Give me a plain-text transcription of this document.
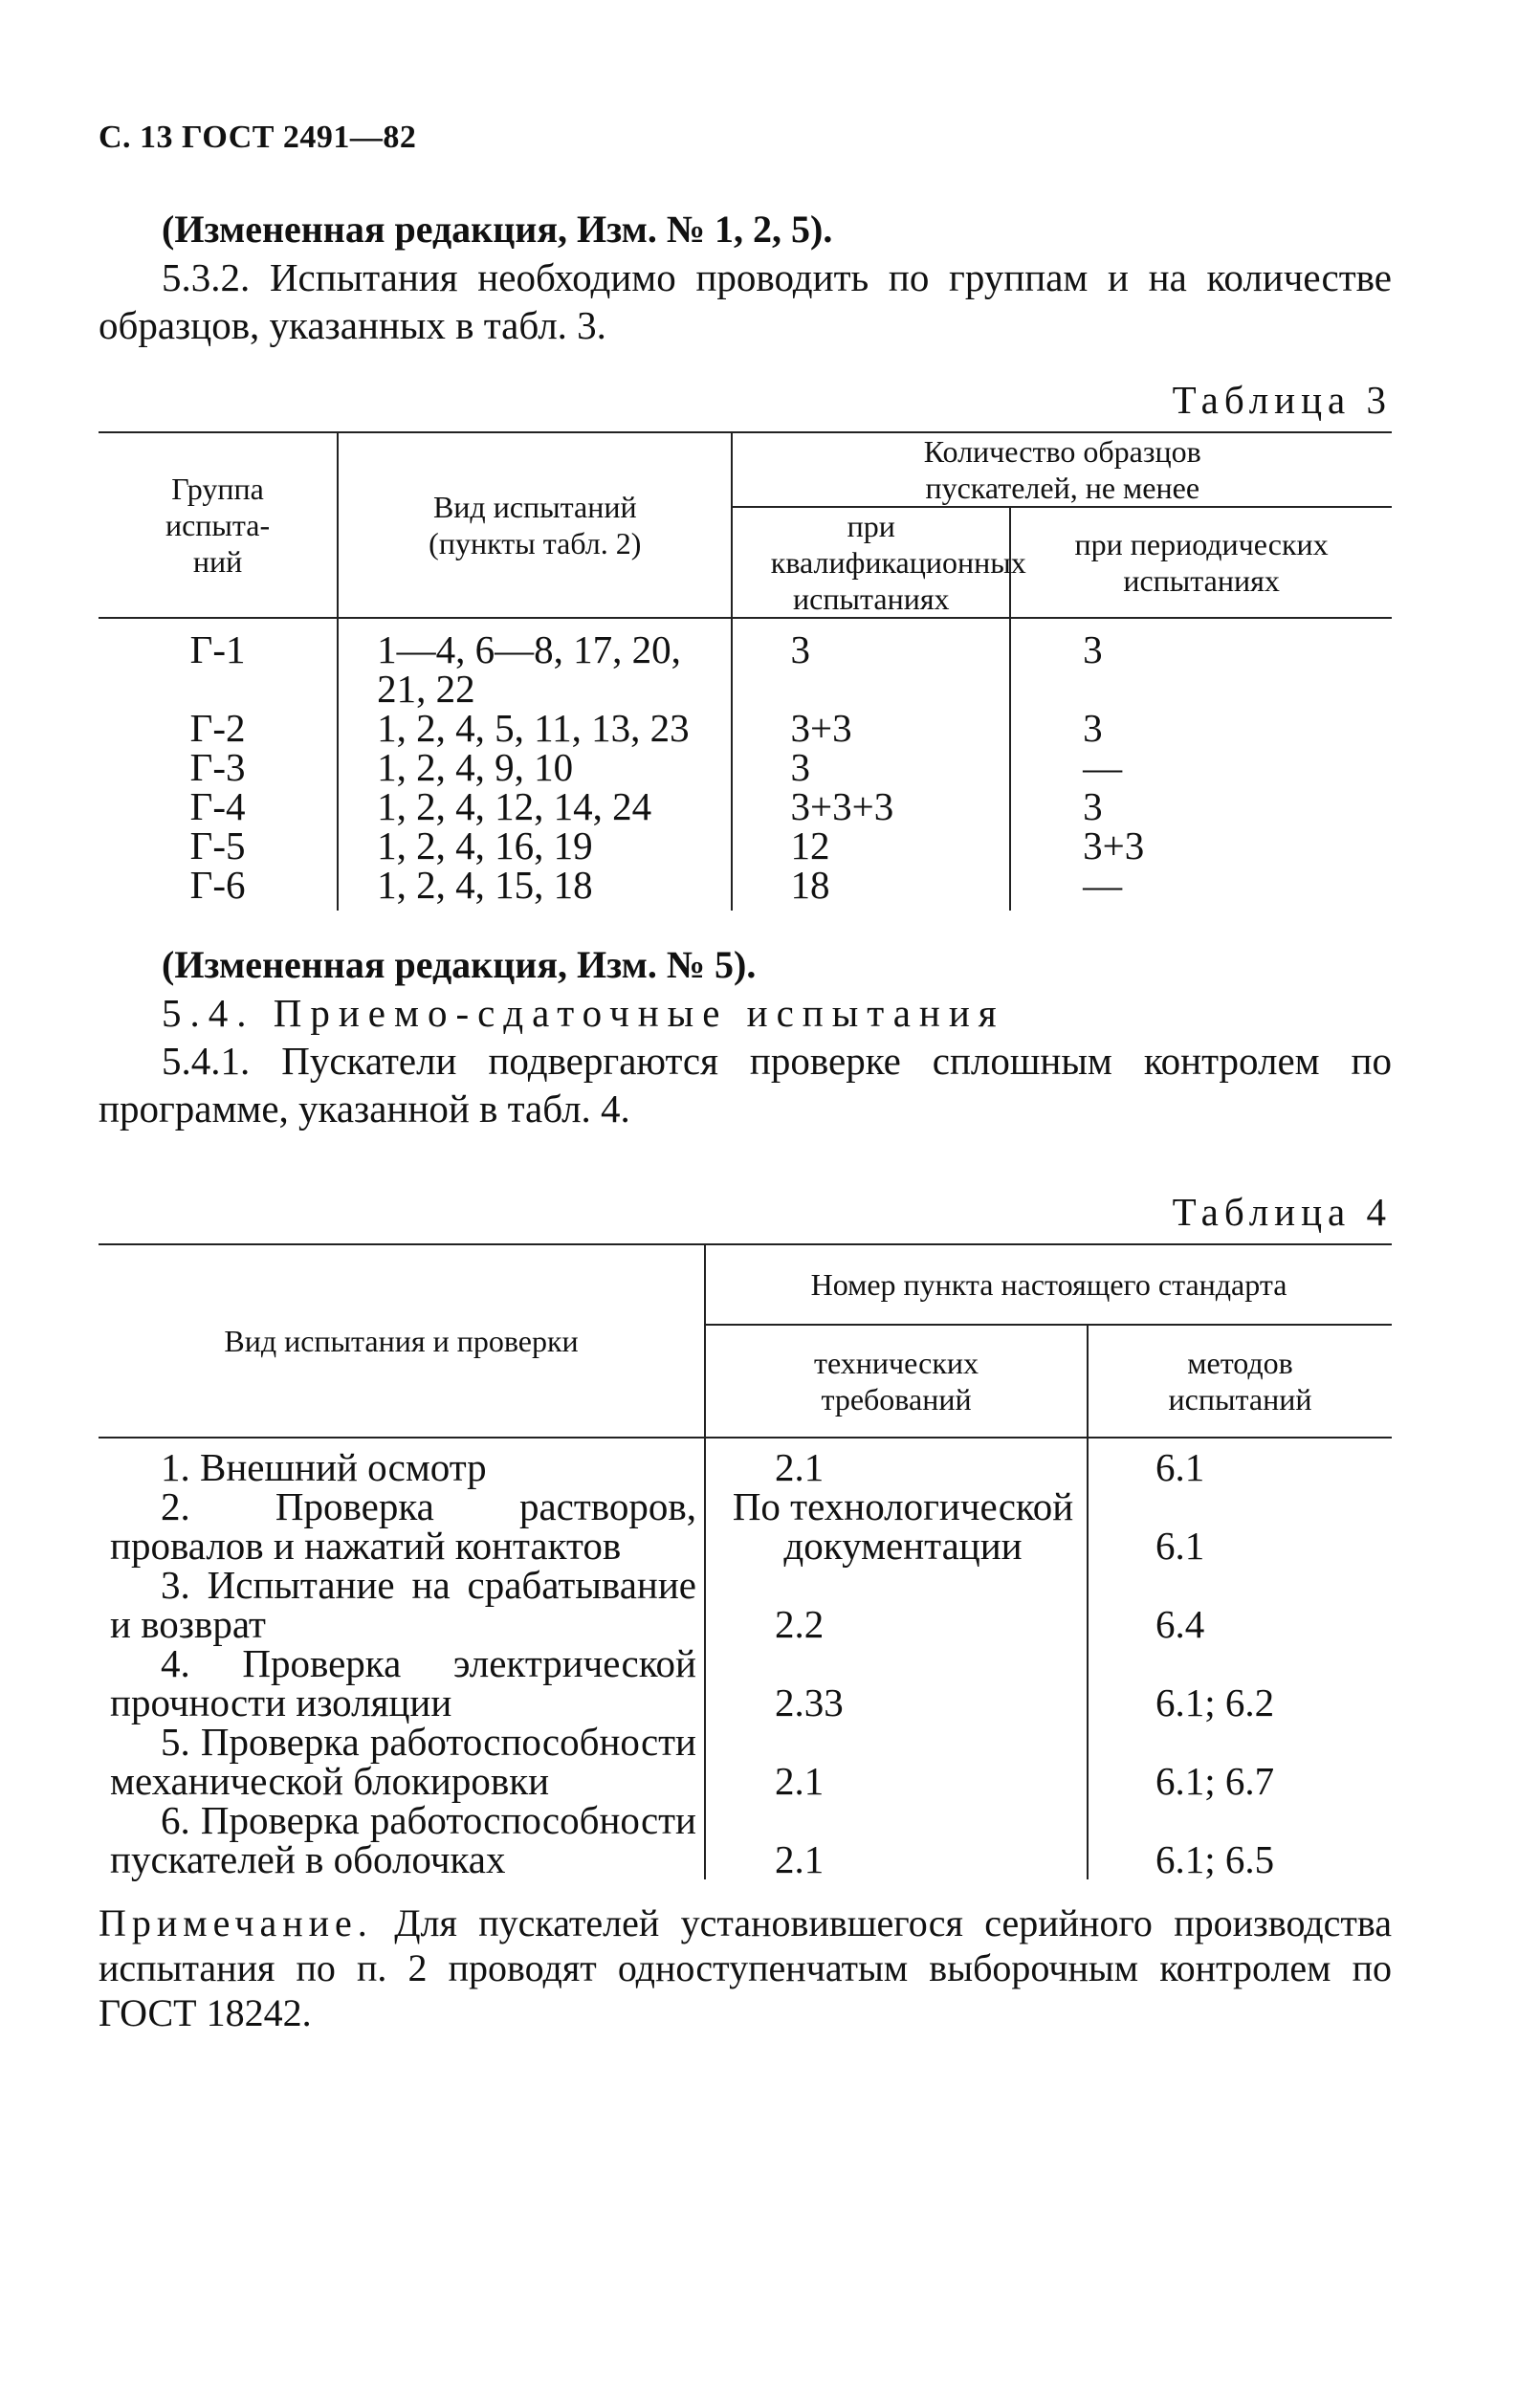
С. 13 ГОСТ 2491—82

(Измененная редакция, Изм. № 1, 2, 5).

5.3.2. Испытания необходимо проводить по группам и на количестве образцов, указанных в табл. 3.

Таблица 3

Группа испыта- ний	Вид испытаний (пункты табл. 2)	Количество образцов пускателей, не менее	

		при квалификационных испытаниях	при периодических испытаниях

Г-1	1—4, 6—8, 17, 20, 21, 22	3	3
Г-2	1, 2, 4, 5, 11, 13, 23	3+3	3
Г-3	1, 2, 4, 9, 10	3	—
Г-4	1, 2, 4, 12, 14, 24	3+3+3	3
Г-5	1, 2, 4, 16, 19	12	3+3
Г-6	1, 2, 4, 15, 18	18	—

(Измененная редакция, Изм. № 5).

5.4. Приемо-сдаточные испытания

5.4.1. Пускатели подвергаются проверке сплошным контролем по программе, указанной в табл. 4.

Таблица 4

Вид испытания и проверки	Номер пункта настоящего стандарта	

	технических требований	методов испытаний

1. Внешний осмотр	2.1	6.1
2. Проверка растворов, провалов и нажатий контактов	По технологической документации	6.1
3. Испытание на срабатывание и возврат	2.2	6.4
4. Проверка электрической прочности изоляции	2.33	6.1; 6.2
5. Проверка работоспособности механической блокировки	2.1	6.1; 6.7
6. Проверка работоспособности пускателей в оболочках	2.1	6.1; 6.5

Примечание. Для пускателей установившегося серийного производства испытания по п. 2 проводят одноступенчатым выборочным контролем по ГОСТ 18242.
